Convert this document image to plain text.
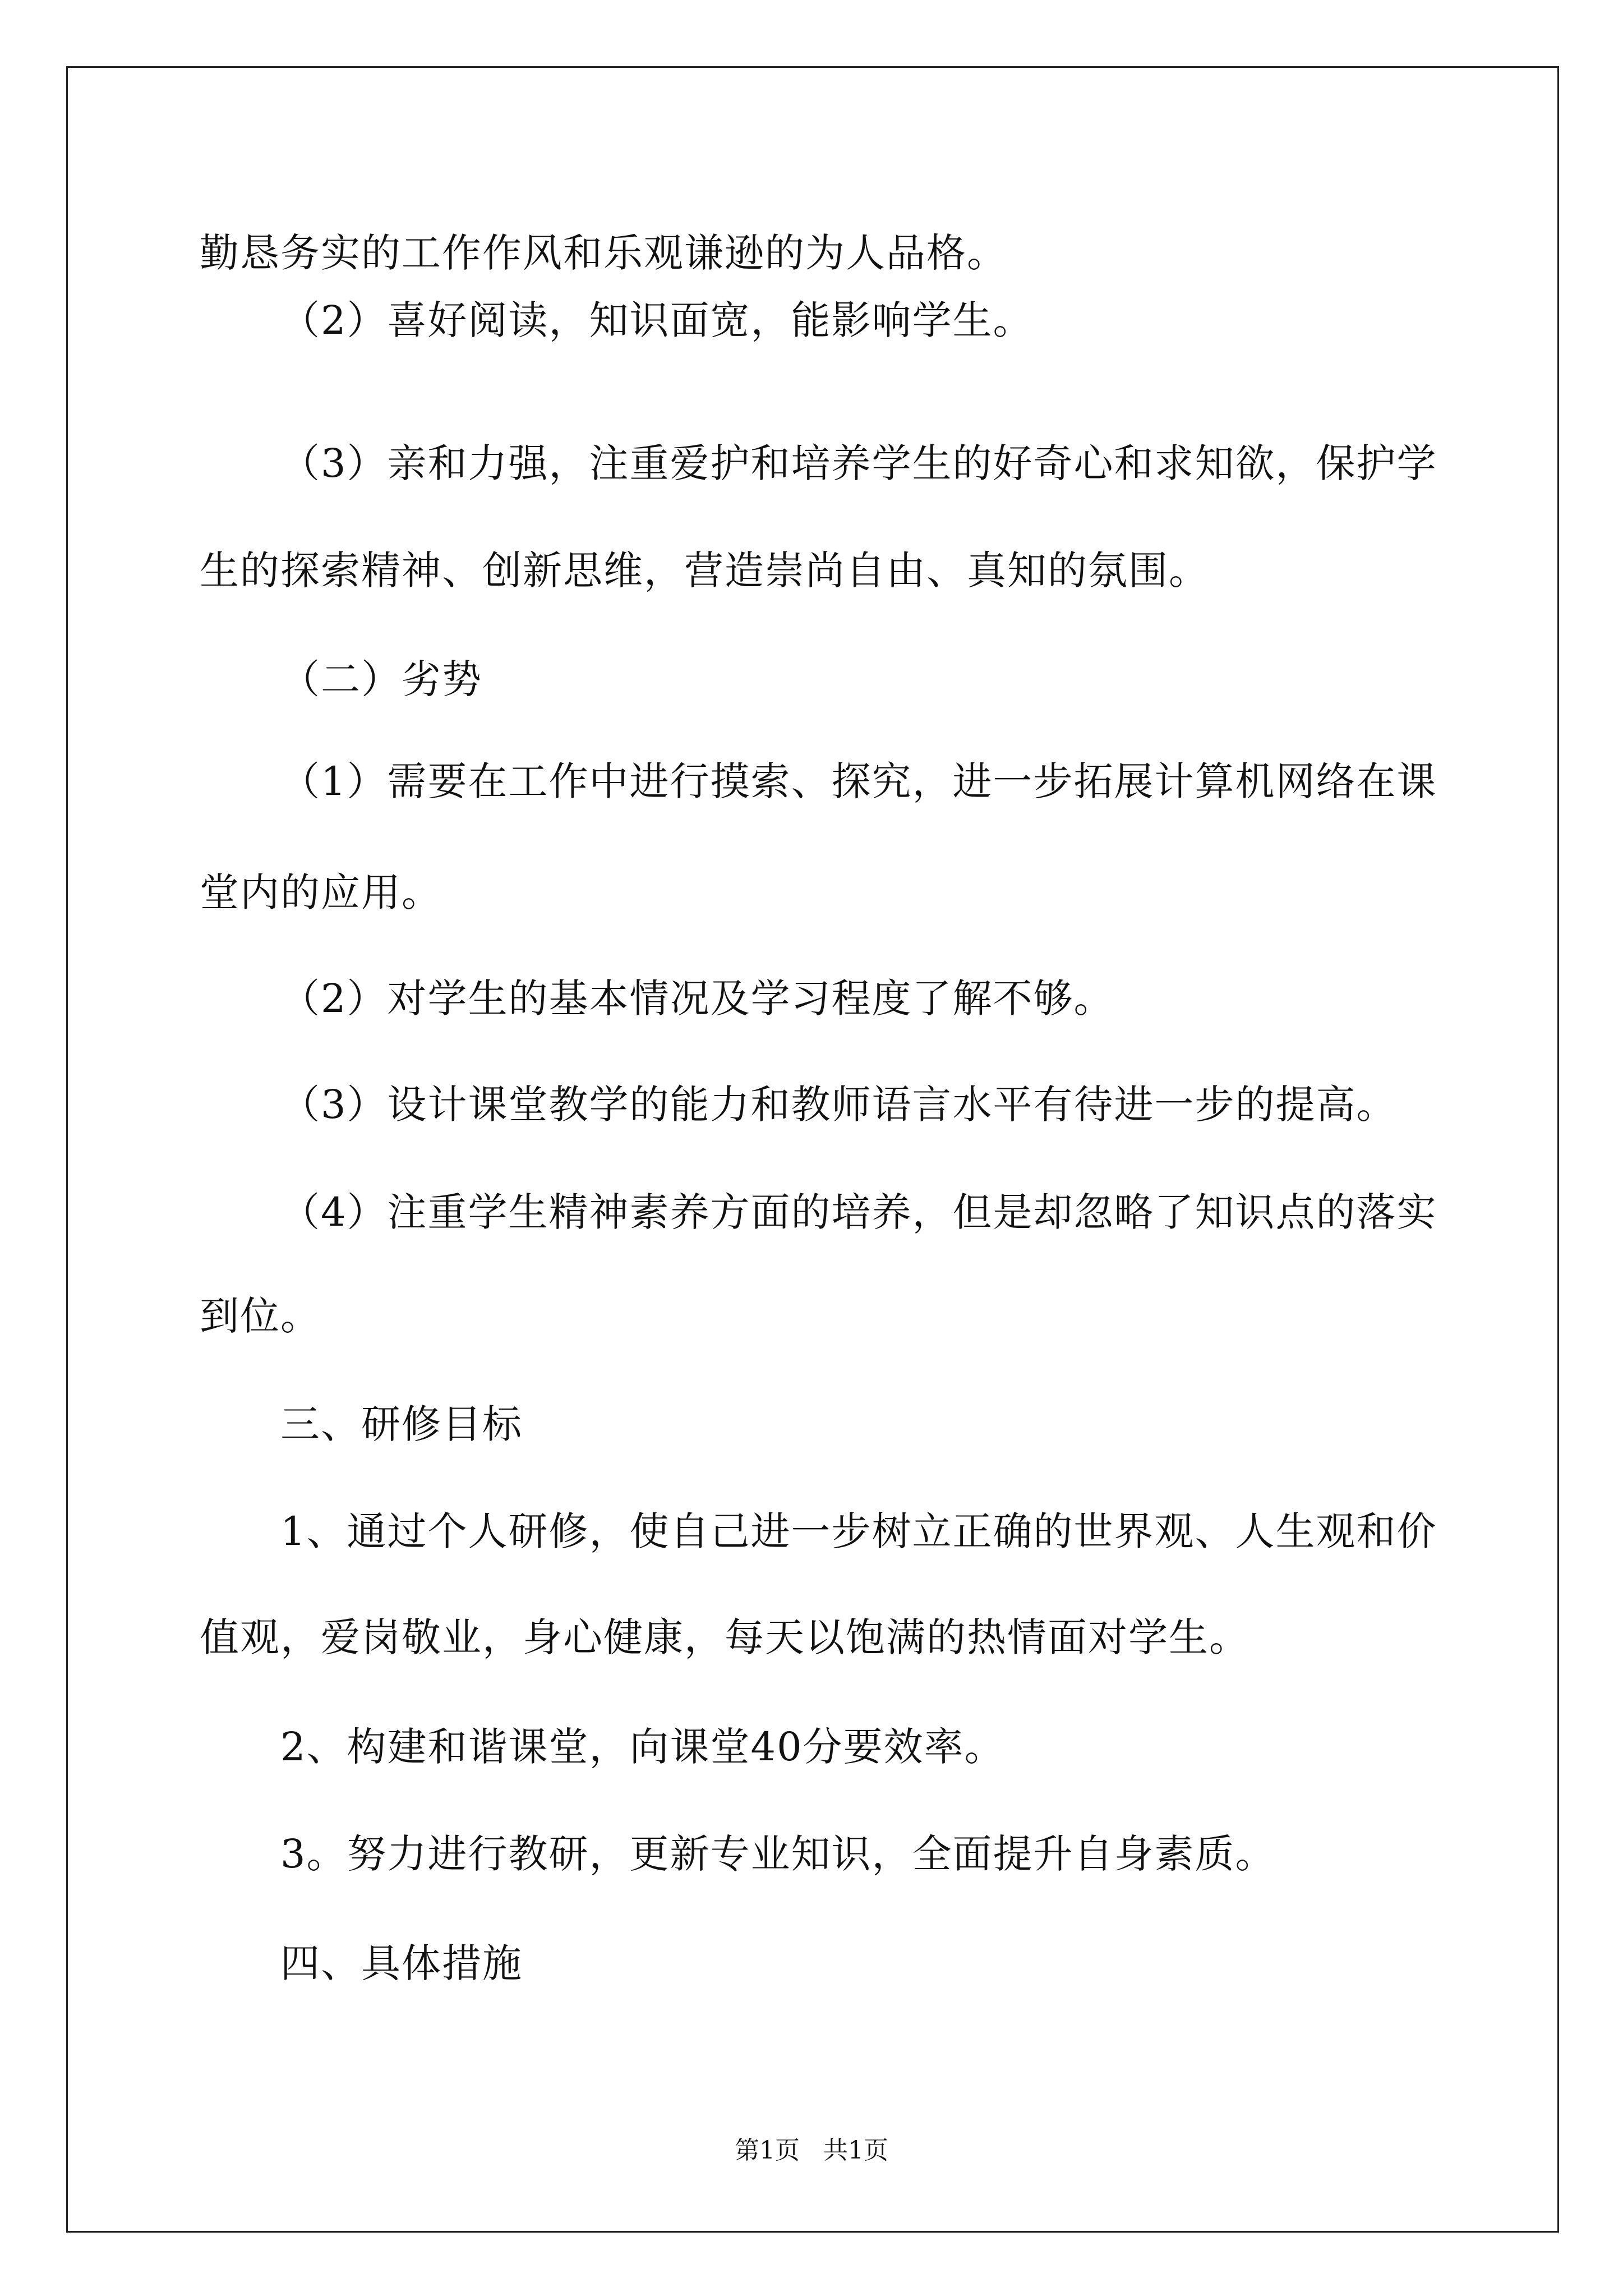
勤恳务实的工作作风和乐观谦逊的为人品格。
（2）喜好阅读，知识面宽，能影响学生。
（3）亲和力强，注重爱护和培养学生的好奇心和求知欲，保护学
生的探索精神、创新思维，营造崇尚自由、真知的氛围。
（二）劣势
（1）需要在工作中进行摸索、探究，进一步拓展计算机网络在课
堂内的应用。
（2）对学生的基本情况及学习程度了解不够。
（3）设计课堂教学的能力和教师语言水平有待进一步的提高。
（4）注重学生精神素养方面的培养，但是却忽略了知识点的落实
到位。
三、研修目标
1、通过个人研修，使自己进一步树立正确的世界观、人生观和价
值观，爱岗敬业，身心健康，每天以饱满的热情面对学生。
2、构建和谐课堂，向课堂40分要效率。
3。努力进行教研，更新专业知识，全面提升自身素质。
四、具体措施
第1页   共1页
